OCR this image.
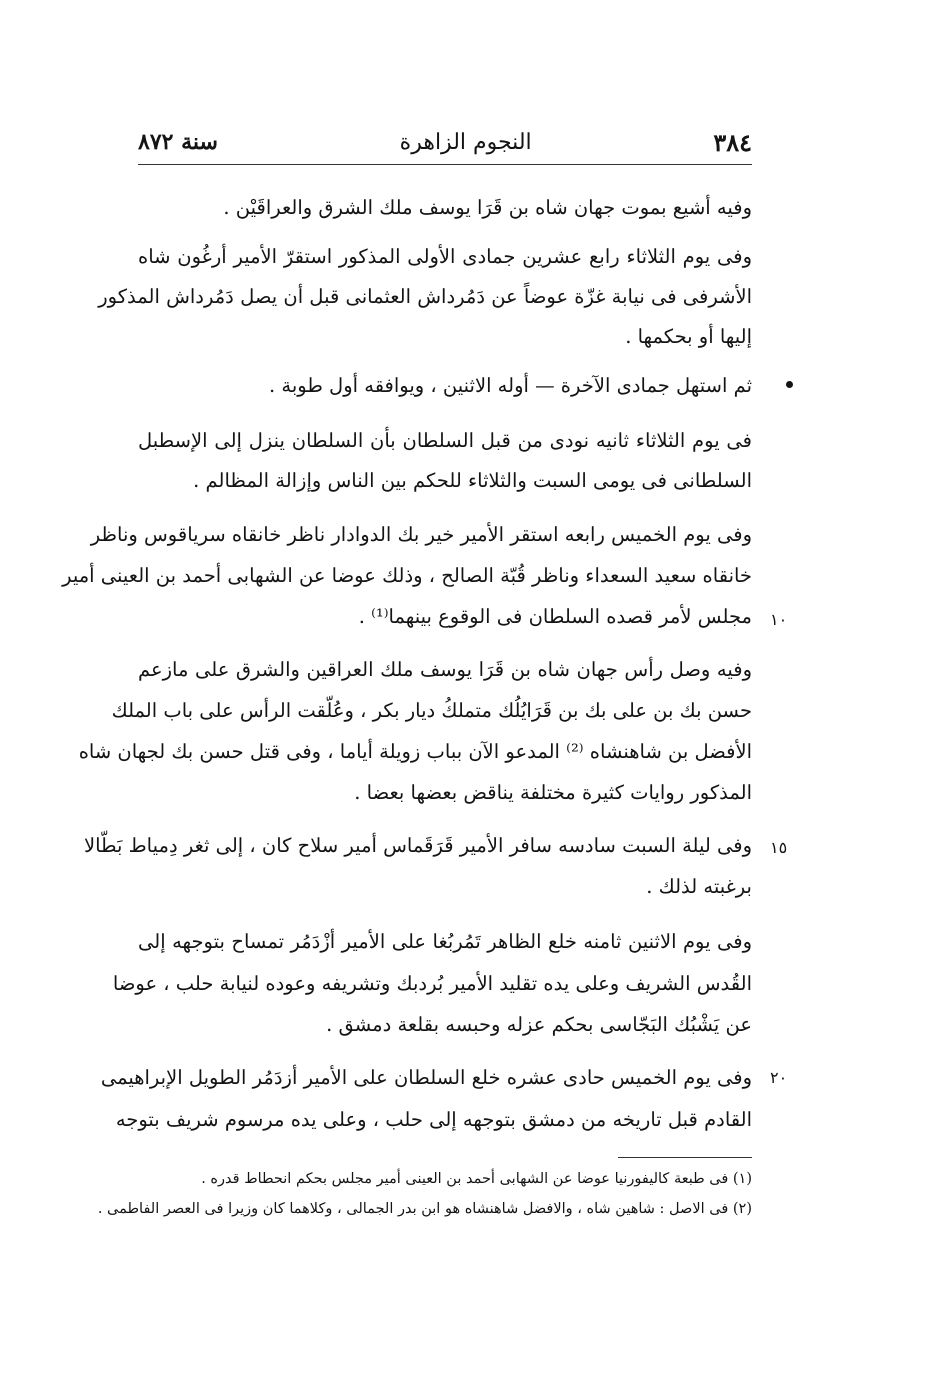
٣٨٤
النجوم الزاهرة
سنة ٨٧٢
وفيه أشيع بموت جهان شاه بن قَرَا يوسف ملك الشرق والعراقَيْن .
وفى يوم الثلاثاء رابع عشرين جمادى الأولى المذكور استقرّ الأمير أرغُون شاه
الأشرفى فى نيابة غزّة عوضاً عن دَمُرداش العثمانى قبل أن يصل دَمُرداش المذكور
إليها أو بحكمها .
ثم استهل جمادى الآخرة — أوله الاثنين ، ويوافقه أول طوبة .
فى يوم الثلاثاء ثانيه نودى من قبل السلطان بأن السلطان ينزل إلى الإسطبل
السلطانى فى يومى السبت والثلاثاء للحكم بين الناس وإزالة المظالم .
وفى يوم الخميس رابعه استقر الأمير خير بك الدوادار ناظر خانقاه سرياقوس وناظر
خانقاه سعيد السعداء وناظر قُبّة الصالح ، وذلك عوضا عن الشهابى أحمد بن العينى أمير
مجلس لأمر قصده السلطان فى الوقوع بينهما⁽¹⁾ . ١٠
وفيه وصل رأس جهان شاه بن قَرَا يوسف ملك العراقين والشرق على مازعم
حسن بك بن على بك بن قَرَايُلُك متملكُ ديار بكر ، وعُلّقت الرأس على باب الملك
الأفضل بن شاهنشاه ⁽²⁾ المدعو الآن بباب زويلة أياما ، وفى قتل حسن بك لجهان شاه
المذكور روايات كثيرة مختلفة يناقض بعضها بعضا .
وفى ليلة السبت سادسه سافر الأمير قَرَقَماس أمير سلاح كان ، إلى ثغر دِمياط بَطّالا ١٥
برغبته لذلك .
وفى يوم الاثنين ثامنه خلع الظاهر تَمُربُغا على الأمير أزْدَمُر تمساح بتوجهه إلى
القُدس الشريف وعلى يده تقليد الأمير بُردبك وتشريفه وعوده لنيابة حلب ، عوضا
عن يَشْبُك البَجّاسى بحكم عزله وحبسه بقلعة دمشق .
وفى يوم الخميس حادى عشره خلع السلطان على الأمير أزدَمُر الطويل الإبراهيمى ٢٠
القادم قبل تاريخه من دمشق بتوجهه إلى حلب ، وعلى يده مرسوم شريف بتوجه
(١) فى طبعة كاليفورنيا عوضا عن الشهابى أحمد بن العينى أمير مجلس بحكم انحطاط قدره .
(٢) فى الاصل : شاهين شاه ، والافضل شاهنشاه هو ابن بدر الجمالى ، وكلاهما كان وزيرا فى العصر الفاطمى .
